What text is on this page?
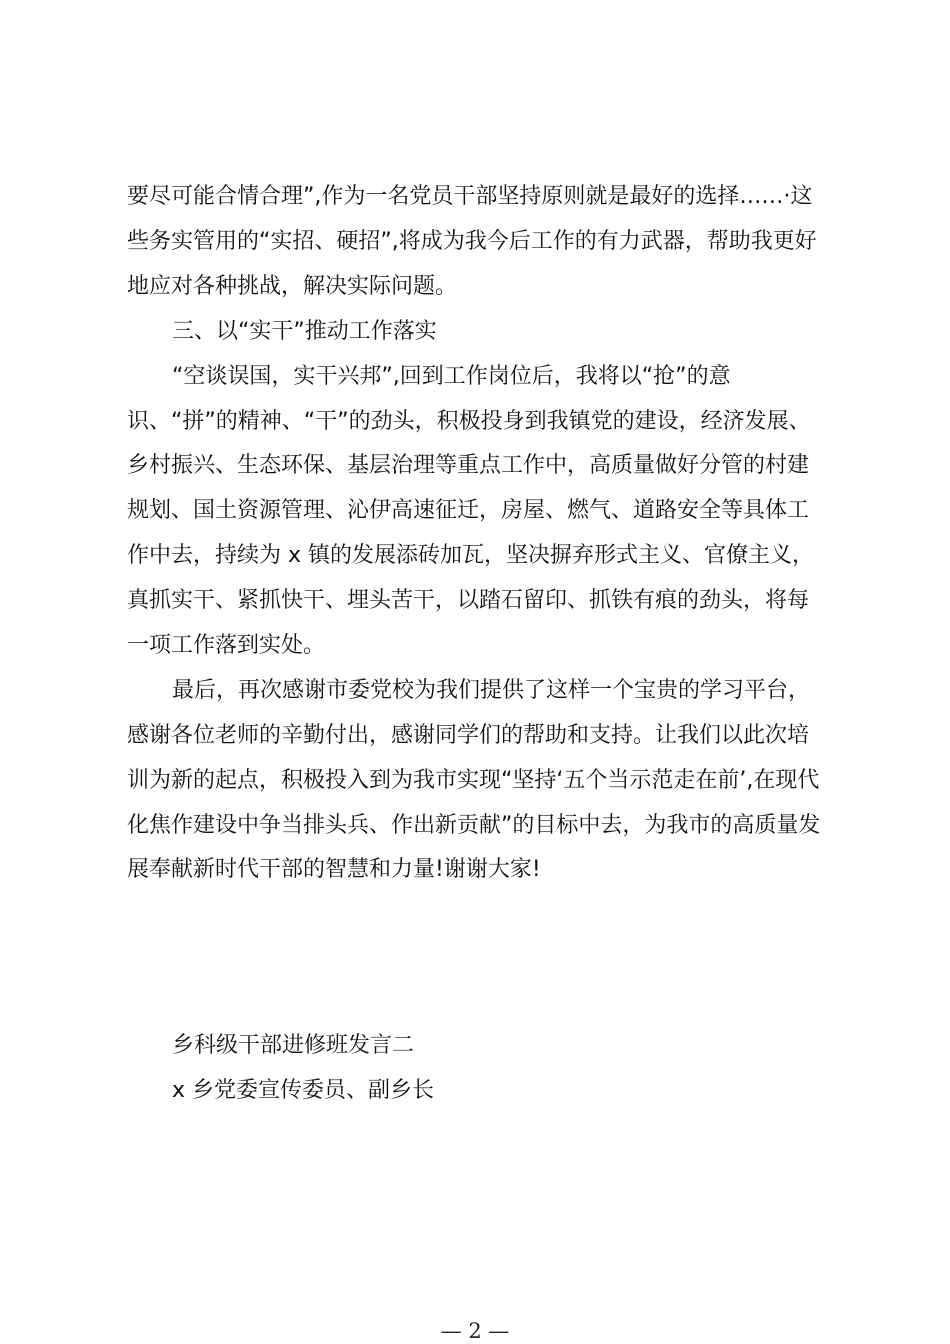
要尽可能合情合理”,作为一名党员干部坚持原则就是最好的选择……·这
些务实管用的“实招、硬招”,将成为我今后工作的有力武器，帮助我更好
地应对各种挑战，解决实际问题。
三、以“实干”推动工作落实
“空谈误国，实干兴邦”,回到工作岗位后，我将以“抢”的意
识、“拼”的精神、“干”的劲头，积极投身到我镇党的建设，经济发展、
乡村振兴、生态环保、基层治理等重点工作中，高质量做好分管的村建
规划、国土资源管理、沁伊高速征迁，房屋、燃气、道路安全等具体工
作中去，持续为 x 镇的发展添砖加瓦，坚决摒弃形式主义、官僚主义，
真抓实干、紧抓快干、埋头苦干，以踏石留印、抓铁有痕的劲头，将每
一项工作落到实处。
最后，再次感谢市委党校为我们提供了这样一个宝贵的学习平台，
感谢各位老师的辛勤付出，感谢同学们的帮助和支持。让我们以此次培
训为新的起点，积极投入到为我市实现“坚持‘五个当示范走在前’,在现代
化焦作建设中争当排头兵、作出新贡献”的目标中去，为我市的高质量发
展奉献新时代干部的智慧和力量!谢谢大家!
乡科级干部进修班发言二
x 乡党委宣传委员、副乡长
— 2 —
